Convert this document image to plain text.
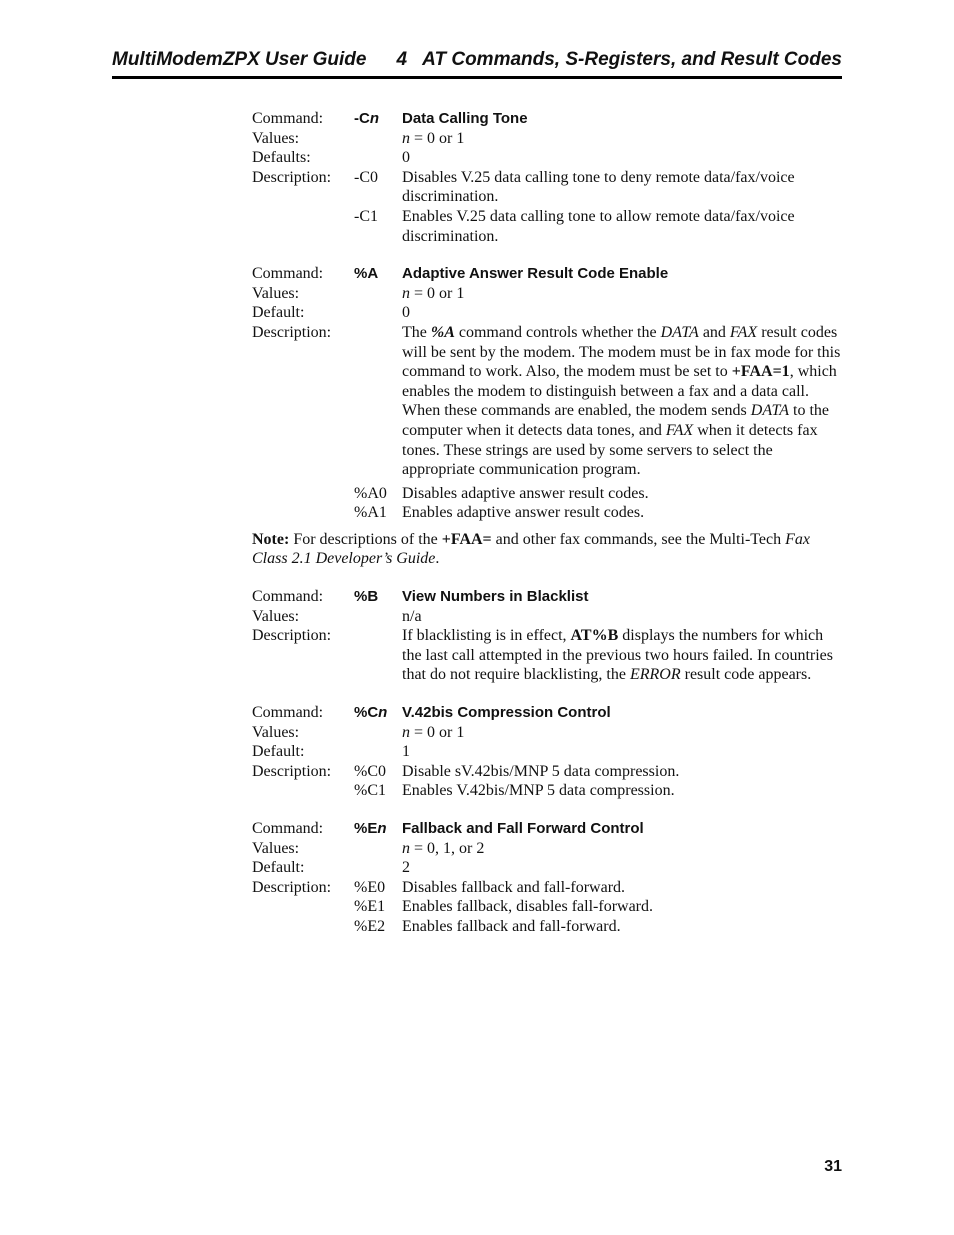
MultiModemZPX User Guide 4   AT Commands, S-Registers, and Result Codes
Command: -Cn Data Calling Tone
Values:	n = 0 or 1
Defaults:	0
Description: -C0 Disables V.25 data calling tone to deny remote data/fax/voice
discrimination.
-C1 Enables V.25 data calling tone to allow remote data/fax/voice
discrimination.
Command: %A Adaptive Answer Result Code Enable
Values:	n = 0 or 1
Default:	0
Description:	The %A command controls whether the DATA and FAX result codes will be sent by the modem. The modem must be in fax mode for this command to work. Also, the modem must be set to +FAA=1, which enables the modem to distinguish between a fax and a data call. When these commands are enabled, the modem sends DATA to the computer when it detects data tones, and FAX when it detects fax tones. These strings are used by some servers to select the appropriate communication program.
%A0 Disables adaptive answer result codes.
%A1 Enables adaptive answer result codes.
Note: For descriptions of the +FAA= and other fax commands, see the Multi-Tech Fax Class 2.1 Developer’s Guide.
Command: %B View Numbers in Blacklist
Values:	n/a
Description:	If blacklisting is in effect, AT%B displays the numbers for which the last call attempted in the previous two hours failed. In countries that do not require blacklisting, the ERROR result code appears.
Command: %Cn V.42bis Compression Control
Values:	n = 0 or 1
Default:	1
Description: %C0 Disable sV.42bis/MNP 5 data compression.
%C1 Enables V.42bis/MNP 5 data compression.
Command: %En Fallback and Fall Forward Control
Values:	n = 0, 1, or 2
Default:	2
Description: %E0 Disables fallback and fall-forward.
%E1 Enables fallback, disables fall-forward.
%E2 Enables fallback and fall-forward.
31
